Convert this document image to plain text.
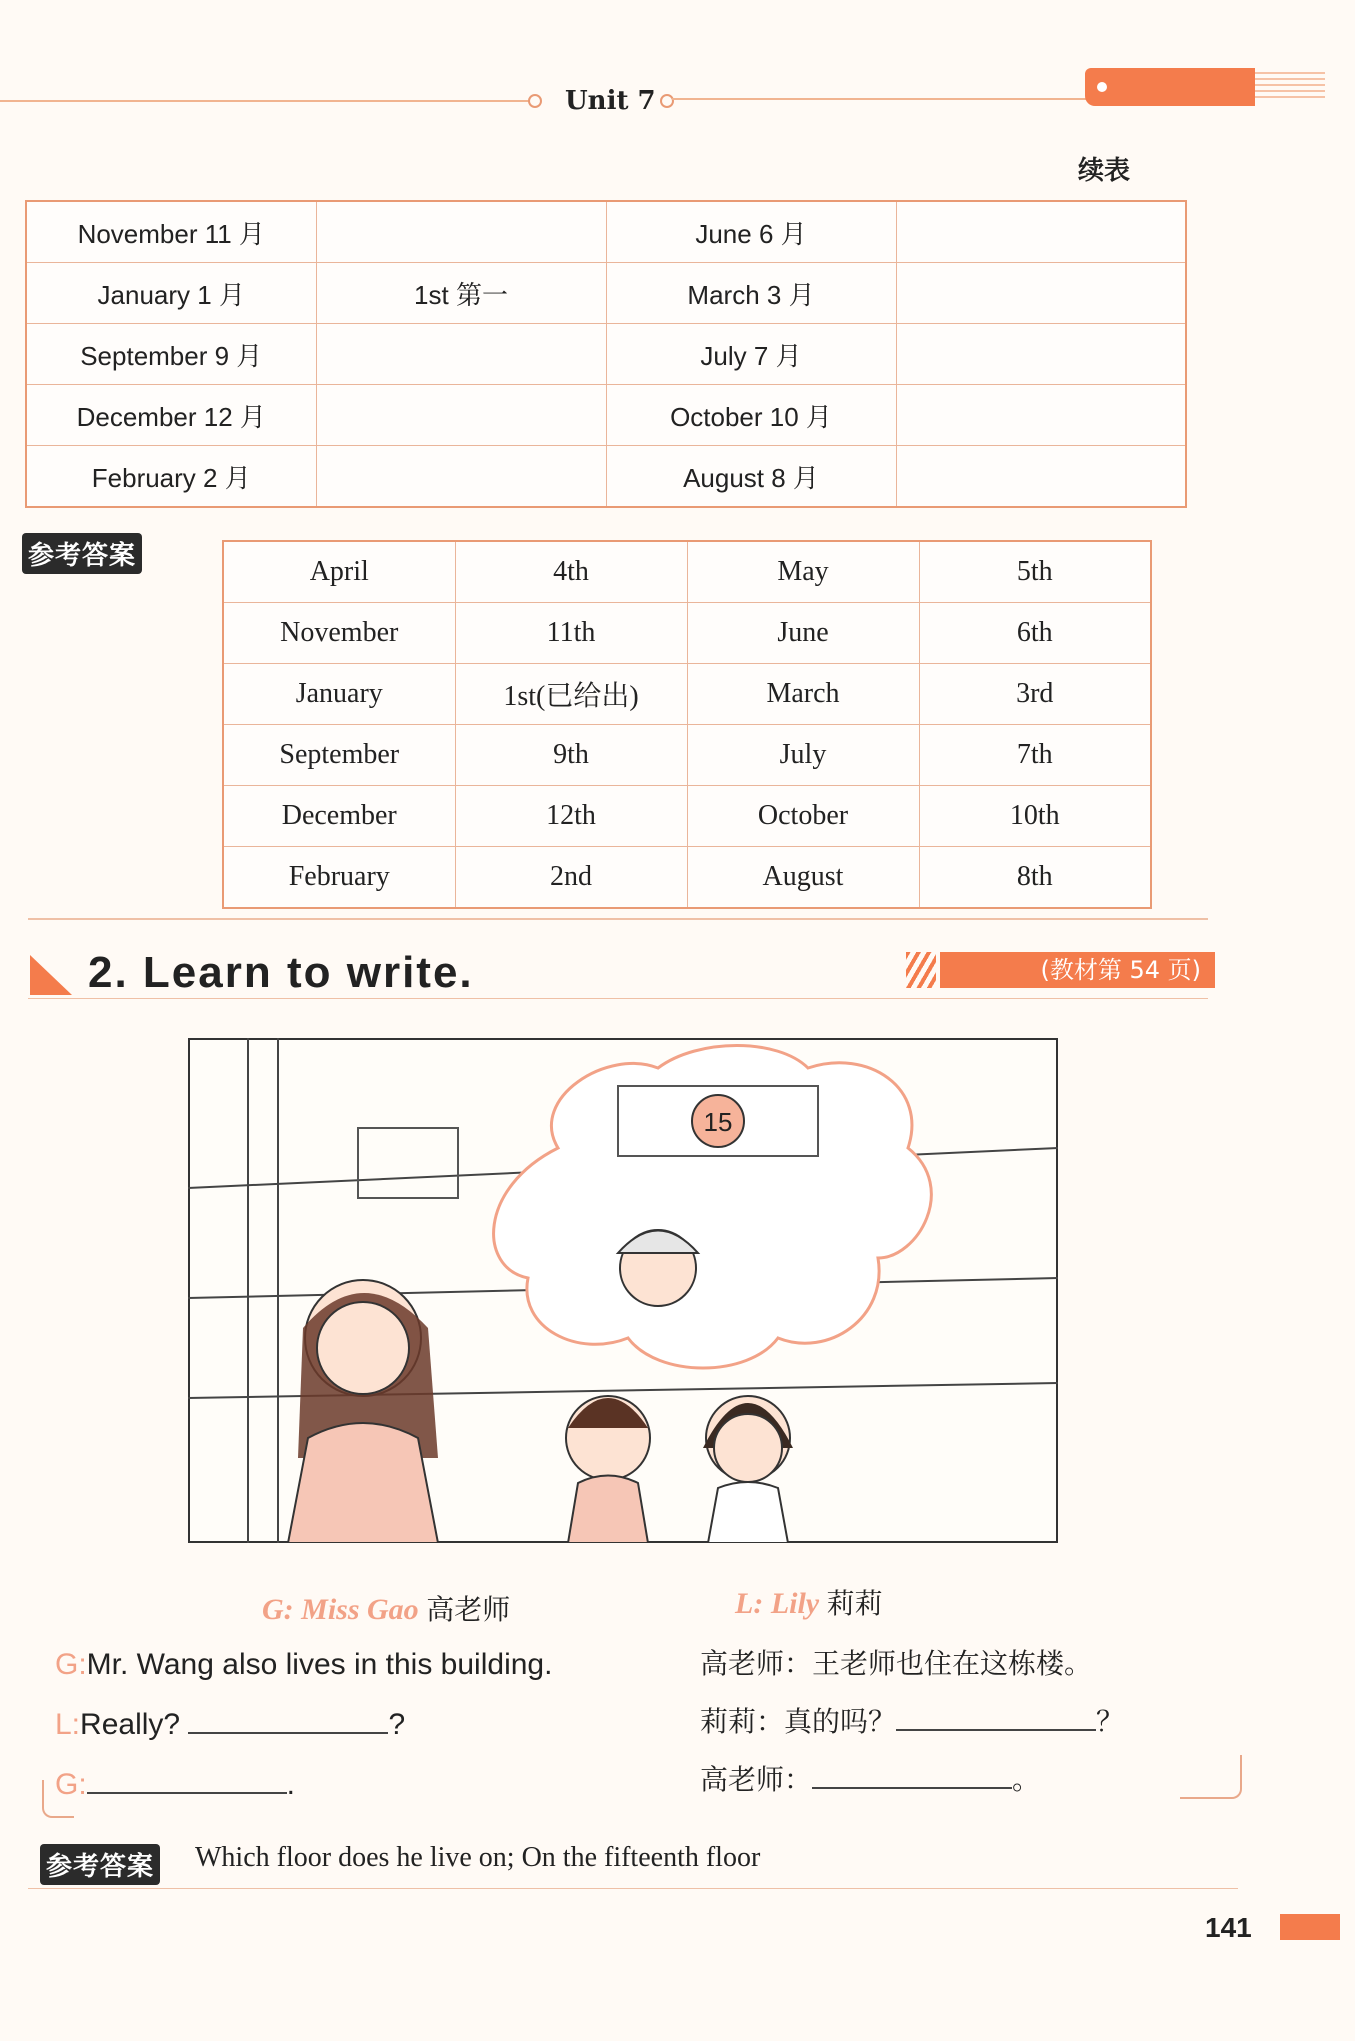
Unit 7
续表
November 11 月		June 6 月	
January 1 月	1st 第一	March 3 月	
September 9 月		July 7 月	
December 12 月		October 10 月	
February 2 月		August 8 月	
参考答案	April	4th	May	5th
November	11th	June	6th
January	1st(已给出)	March	3rd
September	9th	July	7th
December	12th	October	10th
February	2nd	August	8th
2. Learn to write.	(教材第 54 页)
15
G: Miss Gao 高老师	L: Lily 莉莉
G:Mr. Wang also lives in this building.
L:Really?	?
G:	.
高老师：王老师也住在这栋楼。
莉莉：真的吗？	？
高老师：	。
参考答案 Which floor does he live on; On the fifteenth floor
141
